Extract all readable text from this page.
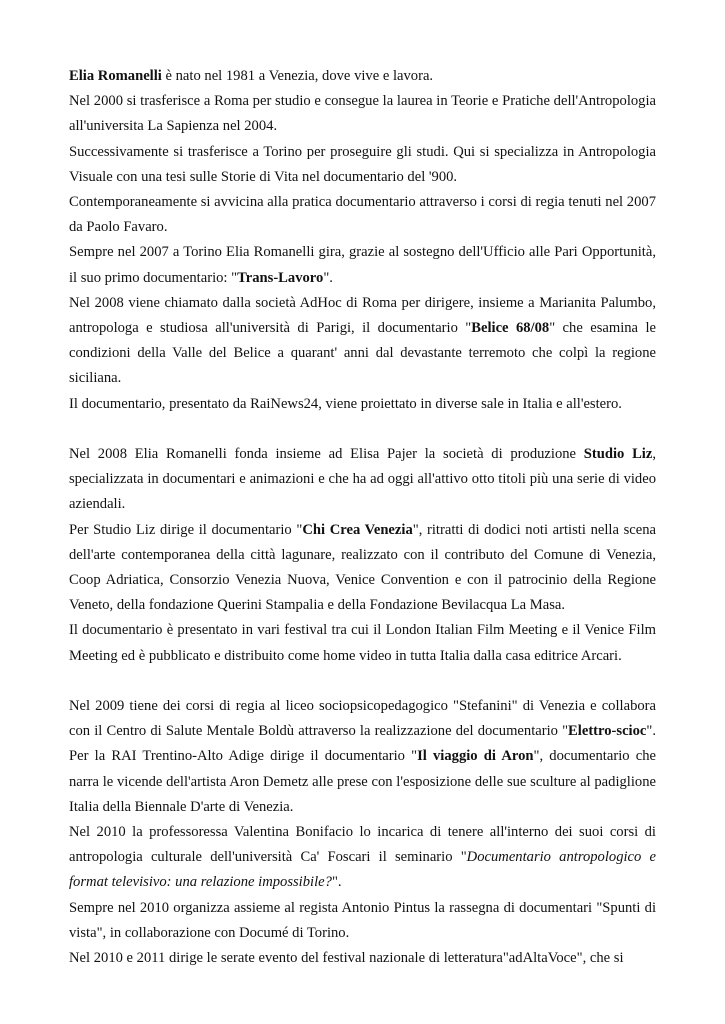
Elia Romanelli è nato nel 1981 a Venezia, dove vive e lavora.

Nel 2000 si trasferisce a Roma per studio e consegue la laurea in Teorie e Pratiche dell'Antropologia all'universita La Sapienza nel 2004.

Successivamente si trasferisce a Torino per proseguire gli studi. Qui si specializza in Antropologia Visuale con una tesi sulle Storie di Vita nel documentario del '900.

Contemporaneamente si avvicina alla pratica documentario attraverso i corsi di regia tenuti nel 2007 da Paolo Favaro.

Sempre nel 2007 a Torino Elia Romanelli gira, grazie al sostegno dell'Ufficio alle Pari Opportunità, il suo primo documentario: "Trans-Lavoro".

Nel 2008 viene chiamato dalla società AdHoc di Roma per dirigere, insieme a Marianita Palumbo, antropologa e studiosa all'università di Parigi, il documentario "Belice 68/08" che esamina le condizioni della Valle del Belice a quarant' anni dal devastante terremoto che colpì la regione siciliana.

Il documentario, presentato da RaiNews24, viene proiettato in diverse sale in Italia e all'estero.

Nel 2008 Elia Romanelli fonda insieme ad Elisa Pajer la società di produzione Studio Liz, specializzata in documentari e animazioni e che ha ad oggi all'attivo otto titoli più una serie di video aziendali.

Per Studio Liz dirige il documentario "Chi Crea Venezia", ritratti di dodici noti artisti nella scena dell'arte contemporanea della città lagunare, realizzato con il contributo del Comune di Venezia, Coop Adriatica, Consorzio Venezia Nuova, Venice Convention e con il patrocinio della Regione Veneto, della fondazione Querini Stampalia e della Fondazione Bevilacqua La Masa.

Il documentario è presentato in vari festival tra cui il London Italian Film Meeting e il Venice Film Meeting ed è pubblicato e distribuito come home video in tutta Italia dalla casa editrice Arcari.

Nel 2009 tiene dei corsi di regia al liceo sociopsicopedagogico "Stefanini" di Venezia e collabora con il Centro di Salute Mentale Boldù attraverso la realizzazione del documentario "Elettro-scioc". Per la RAI Trentino-Alto Adige dirige il documentario "Il viaggio di Aron", documentario che narra le vicende dell'artista Aron Demetz alle prese con l'esposizione delle sue sculture al padiglione Italia della Biennale D'arte di Venezia.

Nel 2010 la professoressa Valentina Bonifacio lo incarica di tenere all'interno dei suoi corsi di antropologia culturale dell'università Ca' Foscari il seminario "Documentario antropologico e format televisivo: una relazione impossibile?".

Sempre nel 2010 organizza assieme al regista Antonio Pintus la rassegna di documentari "Spunti di vista", in collaborazione con Documé di Torino.

Nel 2010 e 2011 dirige le serate evento del festival nazionale di letteratura"adAltaVoce", che si
